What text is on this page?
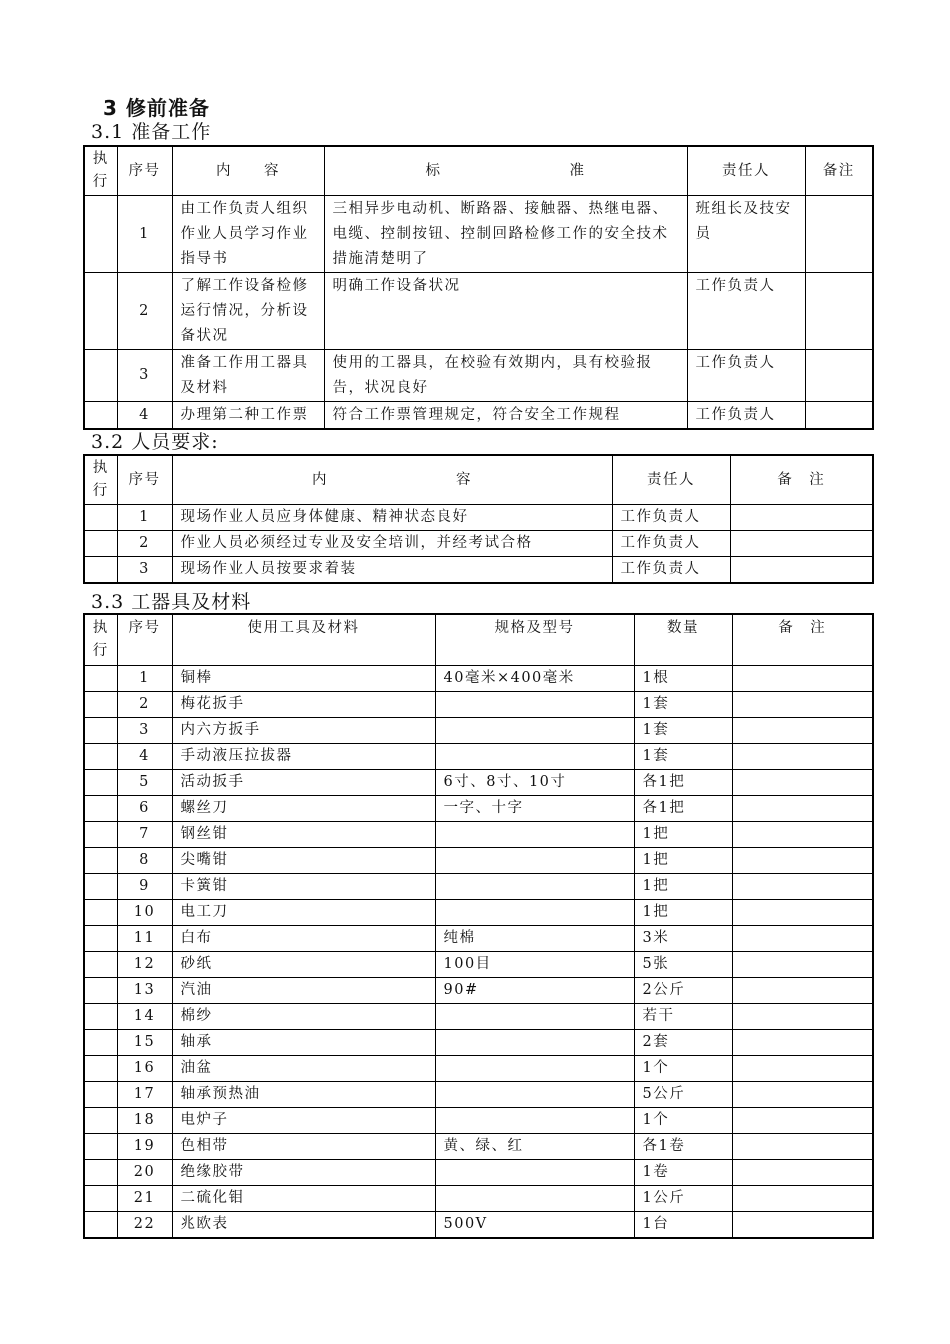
3 修前准备
3.1 准备工作
执行	序号	内　　容	标　　　　　　　　准	责任人	备注
	1	由工作负责人组织作业人员学习作业指导书	三相异步电动机、断路器、接触器、热继电器、电缆、控制按钮、控制回路检修工作的安全技术措施清楚明了	班组长及技安员	
	2	了解工作设备检修运行情况，分析设备状况	明确工作设备状况	工作负责人	
	3	准备工作用工器具及材料	使用的工器具，在校验有效期内，具有校验报告，状况良好	工作负责人	
	4	办理第二种工作票	符合工作票管理规定，符合安全工作规程	工作负责人	
3.2 人员要求:
执行	序号	内　　　　　　　　容	责任人	备　注
	1	现场作业人员应身体健康、精神状态良好	工作负责人	
	2	作业人员必须经过专业及安全培训，并经考试合格	工作负责人	
	3	现场作业人员按要求着装	工作负责人	
3.3 工器具及材料
执行	序号	使用工具及材料	规格及型号	数量	备　注
	1	铜棒	40毫米×400毫米	1根	
	2	梅花扳手		1套	
	3	内六方扳手		1套	
	4	手动液压拉拔器		1套	
	5	活动扳手	6寸、8寸、10寸	各1把	
	6	螺丝刀	一字、十字	各1把	
	7	钢丝钳		1把	
	8	尖嘴钳		1把	
	9	卡簧钳		1把	
	10	电工刀		1把	
	11	白布	纯棉	3米	
	12	砂纸	100目	5张	
	13	汽油	90#	2公斤	
	14	棉纱		若干	
	15	轴承		2套	
	16	油盆		1个	
	17	轴承预热油		5公斤	
	18	电炉子		1个	
	19	色相带	黄、绿、红	各1卷	
	20	绝缘胶带		1卷	
	21	二硫化钼		1公斤	
	22	兆欧表	500V	1台	
